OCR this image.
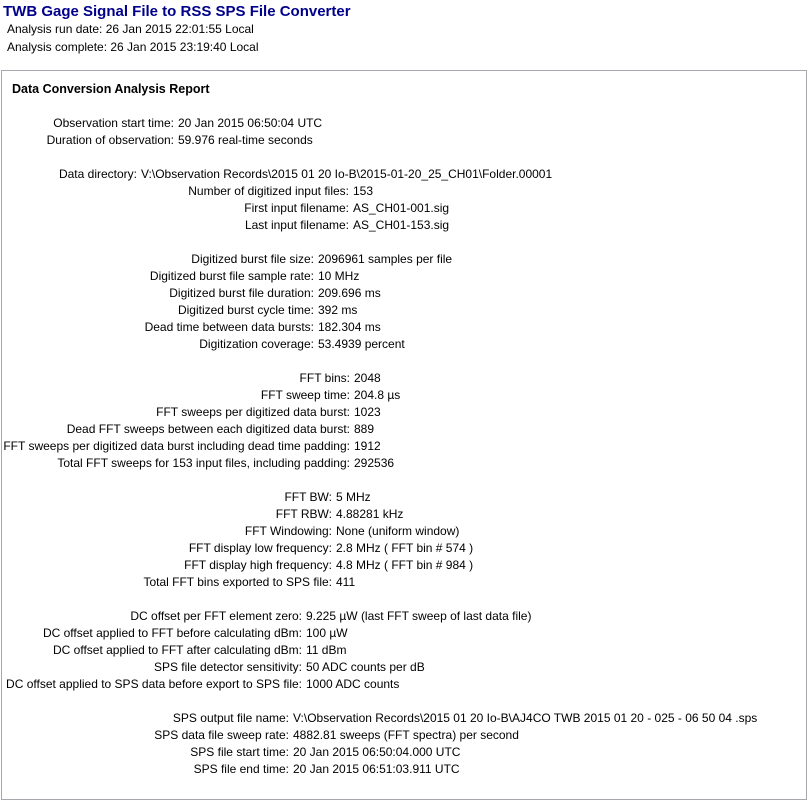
TWB Gage Signal File to RSS SPS File Converter
Analysis run date: 26 Jan 2015 22:01:55 Local
Analysis complete: 26 Jan 2015 23:19:40 Local
Data Conversion Analysis Report
Observation start time: 20 Jan 2015 06:50:04 UTC
Duration of observation: 59.976 real-time seconds
Data directory: V:\Observation Records\2015 01 20 Io-B\2015-01-20_25_CH01\Folder.00001
Number of digitized input files: 153
First input filename: AS_CH01-001.sig
Last input filename: AS_CH01-153.sig
Digitized burst file size: 2096961 samples per file
Digitized burst file sample rate: 10 MHz
Digitized burst file duration: 209.696 ms
Digitized burst cycle time: 392 ms
Dead time between data bursts: 182.304 ms
Digitization coverage: 53.4939 percent
FFT bins: 2048
FFT sweep time: 204.8 µs
FFT sweeps per digitized data burst: 1023
Dead FFT sweeps between each digitized data burst: 889
FFT sweeps per digitized data burst including dead time padding: 1912
Total FFT sweeps for 153 input files, including padding: 292536
FFT BW: 5 MHz
FFT RBW: 4.88281 kHz
FFT Windowing: None (uniform window)
FFT display low frequency: 2.8 MHz ( FFT bin # 574 )
FFT display high frequency: 4.8 MHz ( FFT bin # 984 )
Total FFT bins exported to SPS file: 411
DC offset per FFT element zero: 9.225 µW (last FFT sweep of last data file)
DC offset applied to FFT before calculating dBm: 100 µW
DC offset applied to FFT after calculating dBm: 11 dBm
SPS file detector sensitivity: 50 ADC counts per dB
DC offset applied to SPS data before export to SPS file: 1000 ADC counts
SPS output file name: V:\Observation Records\2015 01 20 Io-B\AJ4CO TWB 2015 01 20 - 025 - 06 50 04 .sps
SPS data file sweep rate: 4882.81 sweeps (FFT spectra) per second
SPS file start time: 20 Jan 2015 06:50:04.000 UTC
SPS file end time: 20 Jan 2015 06:51:03.911 UTC
